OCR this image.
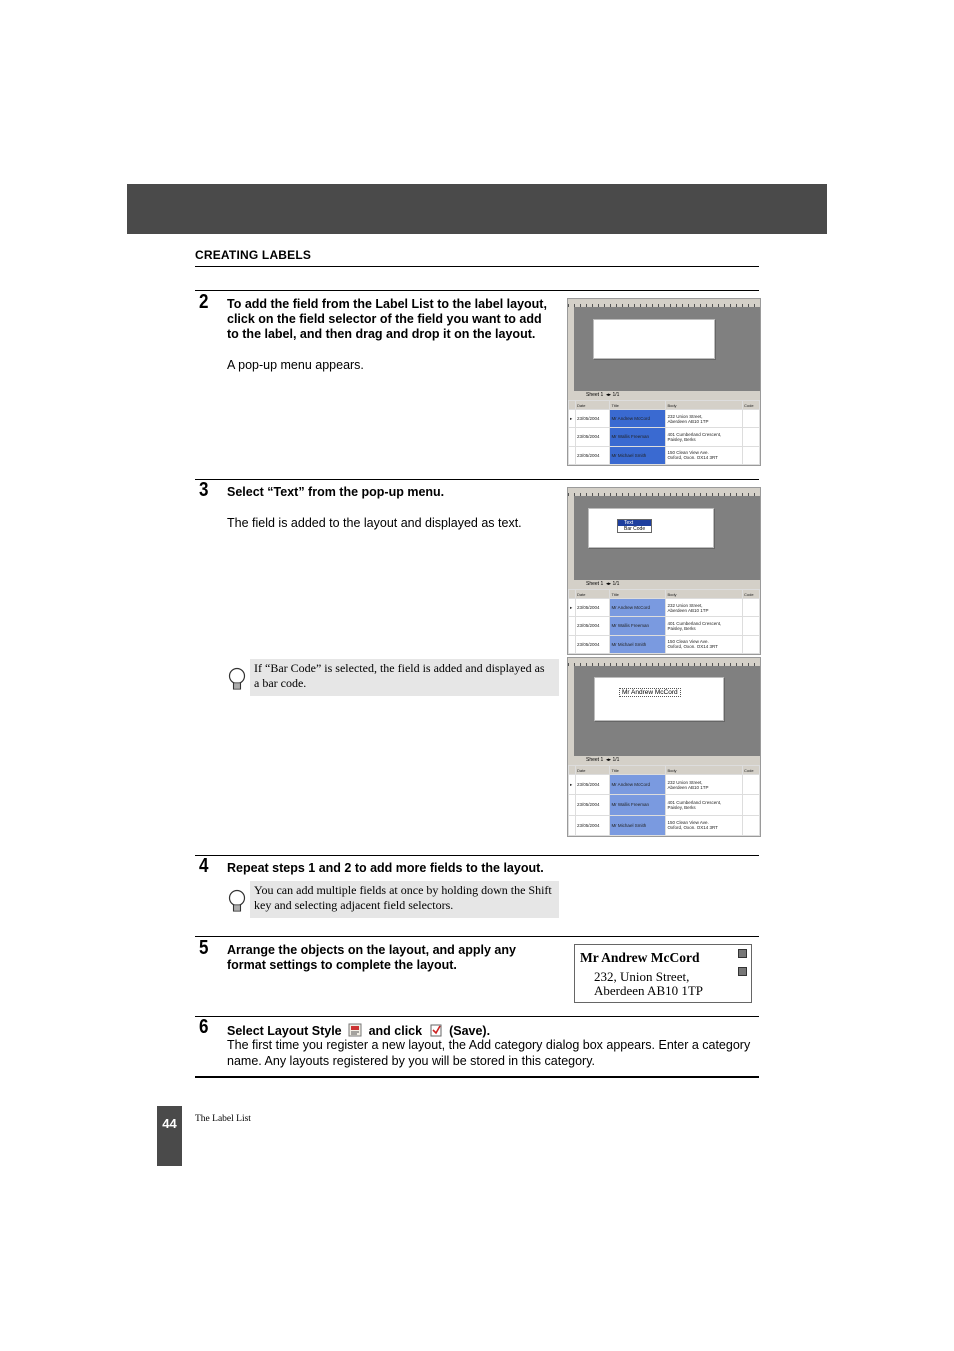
CREATING LABELS
2 To add the field from the Label List to the label layout,
click on the field selector of the field you want to add
to the label, and then drag and drop it on the layout.
A pop-up menu appears.
Sheet 1  ◂▸ 1/1
	Date	Title	Body	Code
▸	23/05/2004	Mr Andrew McCord	232 Union Street,
Aberdeen AB10 1TP	
	23/05/2004	Mr Wallis Freeman	401 Cumberland Crescent,
Paisley, Berks	
	23/05/2004	Mr Michael Smith	150 Clean View Ave.
Oxford, Oxon. OX14 3RT	
3 Select “Text” from the pop-up menu.
The field is added to the layout and displayed as text.	Text
Bar Code
Sheet 1  ◂▸ 1/1
	Date	Title	Body	Code
▸	23/05/2004	Mr Andrew McCord	232 Union Street,
Aberdeen AB10 1TP	
	23/05/2004	Mr Wallis Freeman	401 Cumberland Crescent,
Paisley, Berks	
	23/05/2004	Mr Michael Smith	150 Clean View Ave.
Oxford, Oxon. OX14 3RT	
If “Bar Code” is selected, the field is added and displayed as
a bar code.
Mr Andrew McCord
Sheet 1  ◂▸ 1/1
	Date	Title	Body	Code
▸	23/05/2004	Mr Andrew McCord	232 Union Street,
Aberdeen AB10 1TP	
	23/05/2004	Mr Wallis Freeman	401 Cumberland Crescent,
Paisley, Berks	
	23/05/2004	Mr Michael Smith	150 Clean View Ave.
Oxford, Oxon. OX14 3RT	
4 Repeat steps 1 and 2 to add more fields to the layout.
You can add multiple fields at once by holding down the Shift
key and selecting adjacent field selectors.
5 Arrange the objects on the layout, and apply any
format settings to complete the layout.	Mr Andrew McCord
232, Union Street,
Aberdeen AB10 1TP
6 Select Layout Style and click (Save).
The first time you register a new layout, the Add category dialog box appears. Enter a category
name. Any layouts registered by you will be stored in this category.
44	The Label List
